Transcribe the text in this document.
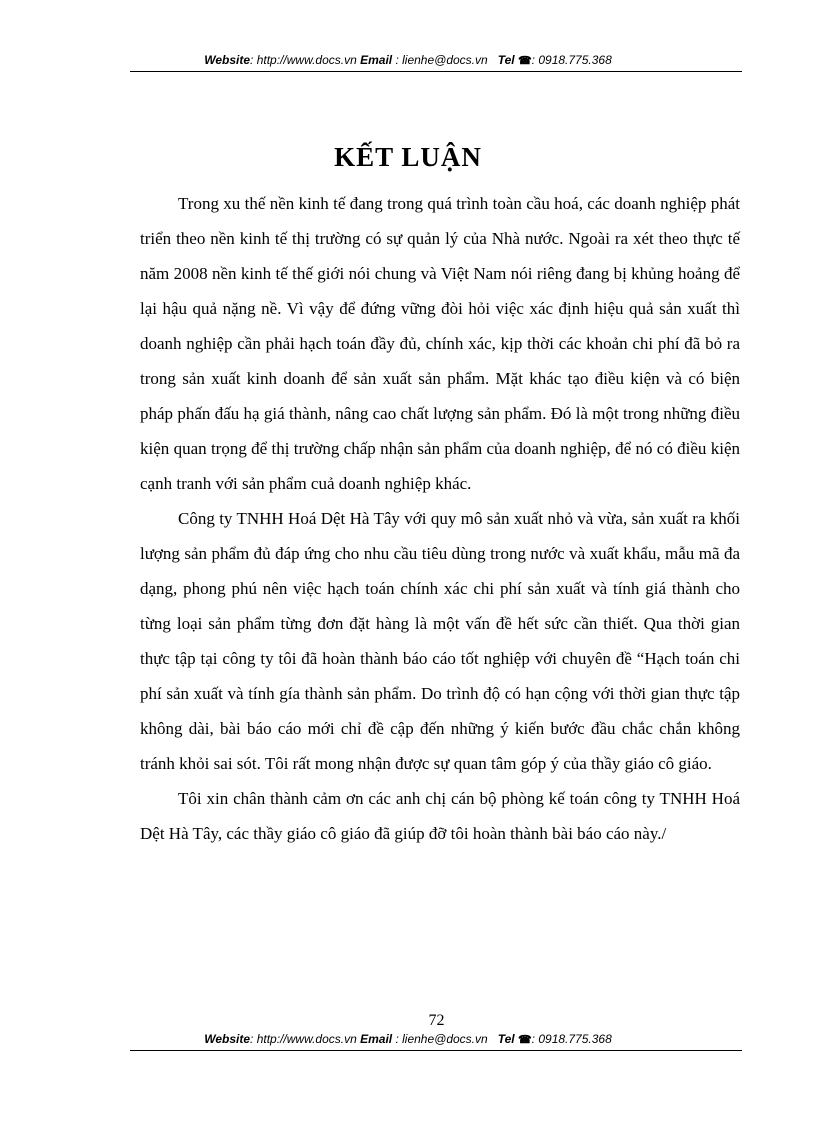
Website: http://www.docs.vn Email : lienhe@docs.vn Tel ☎: 0918.775.368
KẾT LUẬN

Trong xu thế nền kinh tế đang trong quá trình toàn cầu hoá, các doanh nghiệp phát triển theo nền kinh tế thị trường có sự quản lý của Nhà nước. Ngoài ra xét theo thực tế năm 2008 nền kinh tế thế giới nói chung và Việt Nam nói riêng đang bị khủng hoảng để lại hậu quả nặng nề. Vì vậy để đứng vững đòi hỏi việc xác định hiệu quả sản xuất thì doanh nghiệp cần phải hạch toán đầy đủ, chính xác, kịp thời các khoản chi phí đã bỏ ra trong sản xuất kinh doanh để sản xuất sản phẩm. Mặt khác tạo điều kiện và có biện pháp phấn đấu hạ giá thành, nâng cao chất lượng sản phẩm. Đó là một trong những điều kiện quan trọng để thị trường chấp nhận sản phẩm của doanh nghiệp, để nó có điều kiện cạnh tranh với sản phẩm cuả doanh nghiệp khác.

Công ty TNHH Hoá Dệt Hà Tây với quy mô sản xuất nhỏ và vừa, sản xuất ra khối lượng sản phẩm đủ đáp ứng cho nhu cầu tiêu dùng trong nước và xuất khẩu, mẫu mã đa dạng, phong phú nên việc hạch toán chính xác chi phí sản xuất và tính giá thành cho từng loại sản phẩm từng đơn đặt hàng là một vấn đề hết sức cần thiết. Qua thời gian thực tập tại công ty tôi đã hoàn thành báo cáo tốt nghiệp với chuyên đề “Hạch toán chi phí sản xuất và tính gía thành sản phẩm. Do trình độ có hạn cộng với thời gian thực tập không dài, bài báo cáo mới chỉ đề cập đến những ý kiến bước đầu chắc chắn không tránh khỏi sai sót. Tôi rất mong nhận được sự quan tâm góp ý của thầy giáo cô giáo.

Tôi xin chân thành cảm ơn các anh chị cán bộ phòng kế toán công ty TNHH Hoá Dệt Hà Tây, các thầy giáo cô giáo đã giúp đỡ tôi hoàn thành bài báo cáo này./

72
Website: http://www.docs.vn Email : lienhe@docs.vn Tel ☎: 0918.775.368
